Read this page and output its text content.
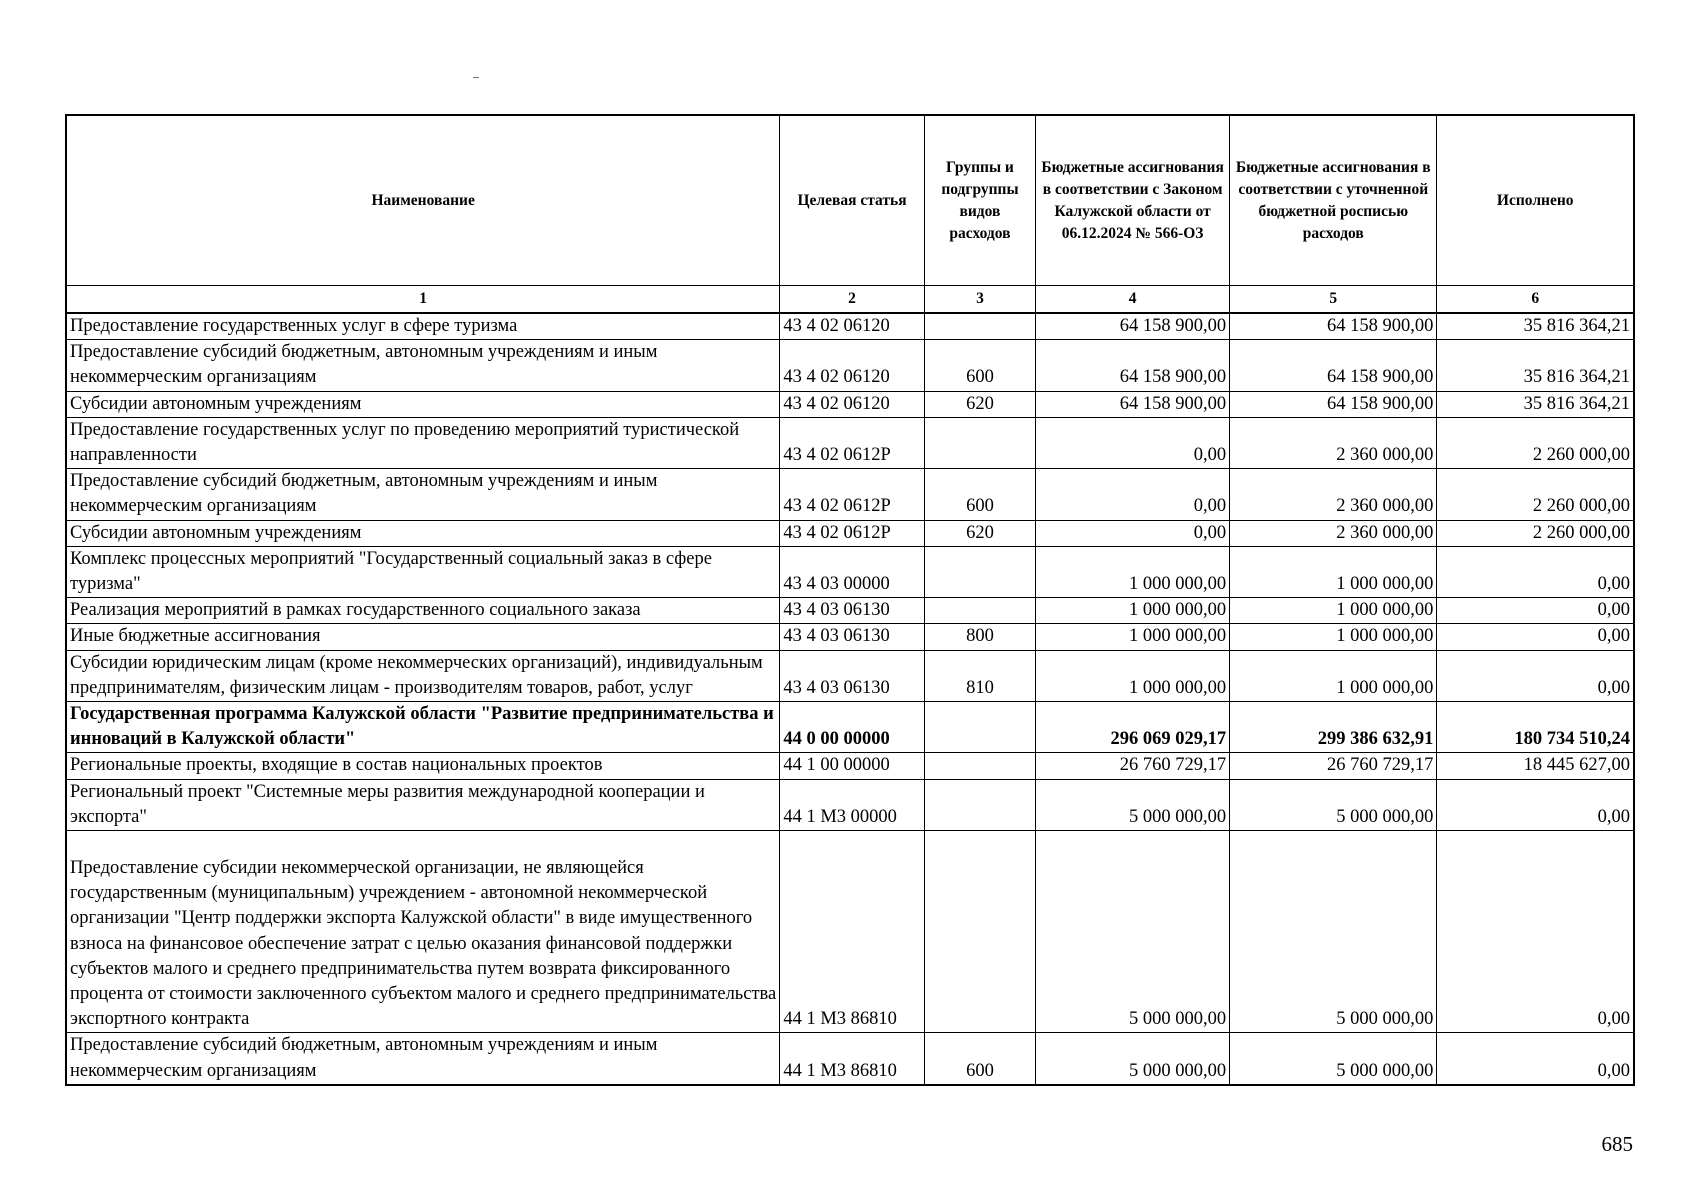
Наименование	Целевая статья	Группы и подгруппы видов расходов	Бюджетные ассигнования в соответствии с Законом Калужской области от 06.12.2024 № 566-ОЗ	Бюджетные ассигнования в соответствии с уточненной бюджетной росписью расходов	Исполнено
1	2	3	4	5	6
Предоставление государственных услуг в сфере туризма	43 4 02 06120		64 158 900,00	64 158 900,00	35 816 364,21
Предоставление субсидий бюджетным, автономным учреждениям и иным некоммерческим организациям	43 4 02 06120	600	64 158 900,00	64 158 900,00	35 816 364,21
Субсидии автономным учреждениям	43 4 02 06120	620	64 158 900,00	64 158 900,00	35 816 364,21
Предоставление государственных услуг по проведению мероприятий туристической направленности	43 4 02 0612Р		0,00	2 360 000,00	2 260 000,00
Предоставление субсидий бюджетным, автономным учреждениям и иным некоммерческим организациям	43 4 02 0612Р	600	0,00	2 360 000,00	2 260 000,00
Субсидии автономным учреждениям	43 4 02 0612Р	620	0,00	2 360 000,00	2 260 000,00
Комплекс процессных мероприятий "Государственный социальный заказ в сфере туризма"	43 4 03 00000		1 000 000,00	1 000 000,00	0,00
Реализация мероприятий в рамках государственного социального заказа	43 4 03 06130		1 000 000,00	1 000 000,00	0,00
Иные бюджетные ассигнования	43 4 03 06130	800	1 000 000,00	1 000 000,00	0,00
Субсидии юридическим лицам (кроме некоммерческих организаций), индивидуальным предпринимателям, физическим лицам - производителям товаров, работ, услуг	43 4 03 06130	810	1 000 000,00	1 000 000,00	0,00
Государственная программа Калужской области "Развитие предпринимательства и инноваций в Калужской области"	44 0 00 00000		296 069 029,17	299 386 632,91	180 734 510,24
Региональные проекты, входящие в состав национальных проектов	44 1 00 00000		26 760 729,17	26 760 729,17	18 445 627,00
Региональный проект "Системные меры развития международной кооперации и экспорта"	44 1 М3 00000		5 000 000,00	5 000 000,00	0,00
Предоставление субсидии некоммерческой организации, не являющейся государственным (муниципальным) учреждением - автономной некоммерческой организации "Центр поддержки экспорта Калужской области" в виде имущественного взноса на финансовое обеспечение затрат с целью оказания финансовой поддержки субъектов малого и среднего предпринимательства путем возврата фиксированного процента от стоимости заключенного субъектом малого и среднего предпринимательства экспортного контракта	44 1 М3 86810		5 000 000,00	5 000 000,00	0,00
Предоставление субсидий бюджетным, автономным учреждениям и иным некоммерческим организациям	44 1 М3 86810	600	5 000 000,00	5 000 000,00	0,00
685
